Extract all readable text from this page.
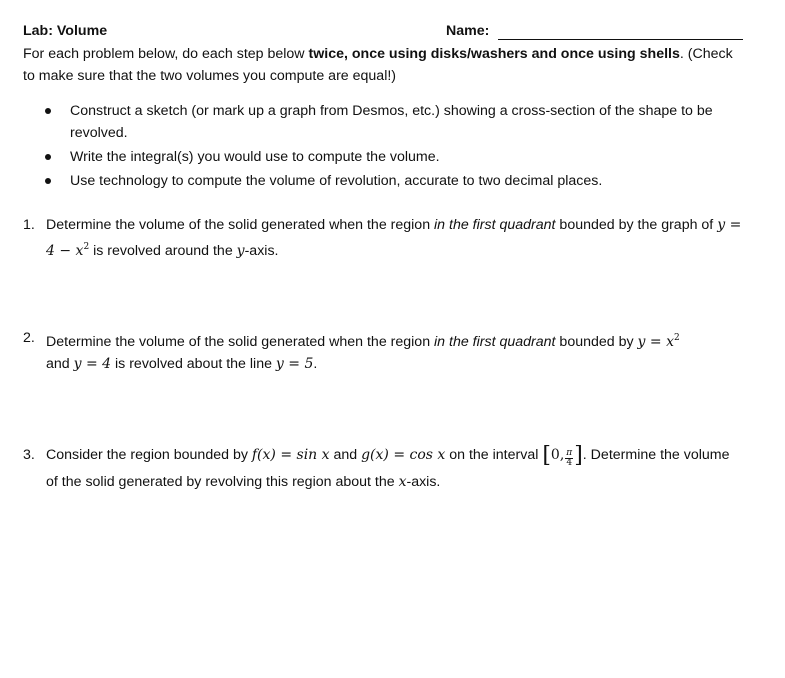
Lab: Volume	Name:
For each problem below, do each step below twice, once using disks/washers and once using shells. (Check to make sure that the two volumes you compute are equal!)
Construct a sketch (or mark up a graph from Desmos, etc.) showing a cross-section of the shape to be revolved.
Write the integral(s) you would use to compute the volume.
Use technology to compute the volume of revolution, accurate to two decimal places.
1. Determine the volume of the solid generated when the region in the first quadrant bounded by the graph of $y = 4 - x^2$ is revolved around the y-axis.
2. Determine the volume of the solid generated when the region in the first quadrant bounded by $y = x^2$
and y = 4 is revolved about the line y = 5.
3. Consider the region bounded by f(x) = sin x and g(x) = cos x on the interval [0, $\frac{\pi}{4}$ ]. Determine the volume of the solid generated by revolving this region about the x-axis.
